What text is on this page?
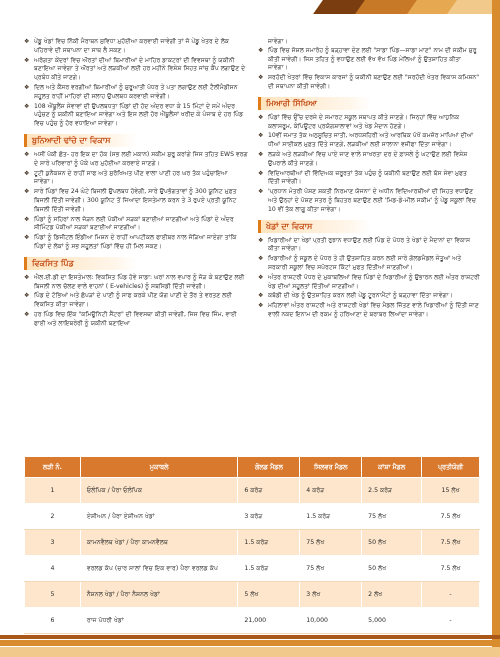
❖ ਪੇਂਡੂ ਖੇਡਾਂ ਵਿਚ ਨਿੱਕੀ ਮੈਰਾਥਨ ਸੁਵਿਧਾ ਮੁਹੱਈਆ ਕਰਵਾਈ ਜਾਵੇਗੀ ਤਾਂ ਜੋ ਪੇਂਡੂ ਖੇਤਰ ਦੇ ਲੋਕ ਪਹਿਰਾਵੇ ਦੀ ਸਥਾਪਨਾ ਦਾ ਸਾਥ ਲੈ ਸਕਣ।
❖ ਅਰੋਗਤਾ ਕੇਂਦਰਾਂ ਵਿਚ ਔਰਤਾਂ ਦੀਆਂ ਬਿਮਾਰੀਆਂ ਦੇ ਮਾਹਿਰ ਡਾਕਟਰਾਂ ਦੀ ਵਿਵਸਥਾ ਨੂੰ ਯਕੀਨੀ ਬਣਾਇਆ ਜਾਵੇਗਾ ਤੇ ਔਰਤਾਂ ਅਤੇ ਲੜਕੀਆਂ ਲਈ ਹਰ ਮਹੀਨੇ ਵਿਸ਼ੇਸ਼ ਸਿਹਤ ਜਾਂਚ ਕੈਂਪ ਲਗਾਉਣ ਦੇ ਪ੍ਰਬੰਧ ਕੀਤੇ ਜਾਣਗੇ।
❖ ਦਿਲ ਅਤੇ ਕੈਂਸਰ ਵਰਗੀਆਂ ਬਿਮਾਰੀਆਂ ਨੂੰ ਸ਼ੁਰੂਆਤੀ ਪੱਧਰ ਤੇ ਪਤਾ ਲਗਾਉਣ ਲਈ ਟੈਲੀਮੈਡੀਸਨ ਸਹੂਲਤ ਰਾਹੀਂ ਮਾਹਿਰਾਂ ਦੀ ਸਲਾਹ ਉਪਲਬਧ ਕਰਵਾਈ ਜਾਵੇਗੀ।
❖ 108 ਐਂਬੂਲੈਂਸ ਸੇਵਾਵਾਂ ਦੀ ਉਪਲਬਧਤਾ ਪਿੰਡਾਂ ਦੀ ਹੱਦ ਅੰਦਰ ਵਧਾ ਕੇ 15 ਮਿੰਟਾਂ ਦੇ ਸਮੇਂ ਅੰਦਰ ਪਹੁੰਚਣ ਨੂੰ ਯਕੀਨੀ ਬਣਾਇਆ ਜਾਵੇਗਾ ਅਤੇ ਇਸ ਲਈ ਹੋਰ ਐਂਬੂਲੈਂਸਾਂ ਖਰੀਦ ਕੇ ਪੰਜਾਬ ਦੇ ਹਰ ਪਿੰਡ ਵਿਚ ਪਹੁੰਚ ਨੂੰ ਹੋਰ ਵਧਾਇਆ ਜਾਵੇਗਾ।
ਬੁਨਿਆਦੀ ਢਾਂਚੇ ਦਾ ਵਿਕਾਸ
❖ ਅਸੀਂ ਪੱਕੀ ਛੱਤ- ਹਰ ਇਕ ਦਾ ਹੱਕ (ਸਭ ਲਈ ਮਕਾਨ) ਸਕੀਮ ਸ਼ੁਰੂ ਕਰਾਂਗੇ ਜਿਸ ਤਹਿਤ EWS ਵਰਗ ਦੇ ਸਾਰੇ ਪਰਿਵਾਰਾਂ ਨੂੰ ਪੱਕੇ ਘਰ ਮੁਹੱਈਆ ਕਰਵਾਏ ਜਾਣਗੇ।
❖ ਟੂਟੀ ਕੁਨੈਕਸ਼ਨ ਦੇ ਰਾਹੀਂ ਸਾਫ ਅਤੇ ਸੁਰੱਖਿਅਤ ਪੀਣ ਵਾਲਾ ਪਾਣੀ ਹਰ ਘਰ ਤੱਕ ਪਹੁੰਚਾਇਆ ਜਾਵੇਗਾ।
❖ ਸਾਰੇ ਪਿੰਡਾਂ ਵਿਚ 24 ਘੰਟੇ ਬਿਜਲੀ ਉਪਲਬਧ ਹੋਵੇਗੀ, ਸਾਰੇ ਉਪਭੋਗਤਾਵਾਂ ਨੂੰ 300 ਯੂਨਿਟ ਮੁਫ਼ਤ ਬਿਜਲੀ ਦਿੱਤੀ ਜਾਵੇਗੀ। 300 ਯੂਨਿਟ ਤੋਂ ਜਿਆਦਾ ਇਸਤੇਮਾਲ ਕਰਨ ਤੇ 3 ਰੁਪਏ ਪ੍ਰਤੀ ਯੂਨਿਟ ਬਿਜਲੀ ਦਿੱਤੀ ਜਾਵੇਗੀ।
❖ ਪਿੰਡਾਂ ਨੂੰ ਸਹਿਰਾਂ ਨਾਲ ਜੋੜਨ ਲਈ ਪੱਕੀਆਂ ਸੜਕਾਂ ਬਣਾਈਆਂ ਜਾਣਗੀਆਂ ਅਤੇ ਪਿੰਡਾਂ ਦੇ ਅੰਦਰ ਸੀਮਿੰਟਡ ਪੱਕੀਆਂ ਸੜਕਾਂ ਬਣਾਈਆਂ ਜਾਣਗੀਆਂ।
❖ ਪਿੰਡਾਂ ਨੂੰ ਡਿਜੀਟਲ ਇੰਡੀਆ ਮਿਸ਼ਨ ਦੇ ਰਾਹੀਂ ਆਪਟੀਕਲ ਫਾਈਬਰ ਨਾਲ ਜੋੜਿਆ ਜਾਏਗਾ ਤਾਂਕਿ ਪਿੰਡਾਂ ਦੇ ਲੋਕਾਂ ਨੂੰ ਸਭ ਸਹੂਲਤਾਂ ਪਿੰਡਾਂ ਵਿੱਚ ਹੀ ਮਿਲ ਸਕਣ।
ਵਿਕਸਿਤ ਪਿੰਡ
❖ ਐਲ.ਈ.ਡੀ ਦਾ ਇਸਤੇਮਾਲ: ਵਿਕਸਿਤ ਪਿੰਡ ਹੋਵੇ ਸਾਡਾ: ਘਰਾਂ ਨਾਲ ਵਪਾਰ ਨੂੰ ਜੋੜ ਕੇ ਬਣਾਉਣ ਲਈ ਬਿਜਲੀ ਨਾਲ ਚੱਲਣ ਵਾਲੇ ਵਾਹਨਾਂ ( E-vehicles) ਨੂੰ ਸਬਸਿਡੀ ਦਿੱਤੀ ਜਾਵੇਗੀ।
❖ ਪਿੰਡ ਦੇ ਟੋਭਿਆਂ ਅਤੇ ਛੱਪੜਾਂ ਦੇ ਪਾਣੀ ਨੂੰ ਸਾਫ ਕਰਕੇ ਪੀਣ ਯੋਗ ਪਾਣੀ ਦੇ ਤੌਰ ਤੇ ਵਰਤਣ ਲਈ ਵਿਕਸਿਤ ਕੀਤਾ ਜਾਵੇਗਾ।
❖ ਹਰ ਪਿੰਡ ਵਿਚ ਇੱਕ "ਕਮਿਊਨਿਟੀ ਸੈਂਟਰ" ਦੀ ਵਿਵਸਥਾ ਕੀਤੀ ਜਾਵੇਗੀ, ਜਿਸ ਵਿਚ ਜਿੰਮ, ਵਾਈ ਫਾਈ ਅਤੇ ਲਾਇਬਰੇਰੀ ਨੂੰ ਯਕੀਨੀ ਬਣਾਇਆ
ਜਾਵੇਗਾ।
❖ ਪਿੰਡ ਵਿਚ ਸੋਸ਼ਲ ਸਮਾਰੋਹ ਨੂੰ ਬੜ੍ਹਾਵਾ ਦੇਣ ਲਈ "ਸਾਡਾ ਪਿੰਡ—ਸਾਡਾ ਮਾਣ" ਨਾਮ ਦੀ ਸਕੀਮ ਸ਼ੁਰੂ ਕੀਤੀ ਜਾਵੇਗੀ। ਜਿਸ ਤਹਿਤ ਨੂੰ ਵਧਾਉਣ ਲਈ ਵੱਖ ਵੱਖ ਪਿੰਡ ਮੇਲਿਆਂ ਨੂੰ ਉਤਸ਼ਾਹਿਤ ਕੀਤਾ ਜਾਵੇਗਾ।
❖ ਸਰਹੱਦੀ ਖੇਤਰਾਂ ਵਿੱਚ ਵਿਕਾਸ ਕਾਰਜਾਂ ਨੂੰ ਯਕੀਨੀ ਬਣਾਉਣ ਲਈ "ਸਰਹੱਦੀ ਖੇਤਰ ਵਿਕਾਸ ਕਮਿਸ਼ਨ" ਦੀ ਸਥਾਪਨਾ ਕੀਤੀ ਜਾਵੇਗੀ।
ਮਿਆਰੀ ਸਿੱਖਿਆ
❖ ਪਿੰਡਾਂ ਵਿੱਚ ਉੱਚ ਦਰਜੇ ਦੇ ਸਮਾਰਟ ਸਕੂਲ ਸਥਾਪਤ ਕੀਤੇ ਜਾਣਗੇ। ਜਿਨ੍ਹਾਂ ਵਿੱਚ ਆਧੁਨਿਕ ਕਲਾਸਰੂਮ, ਕੰਪਿਊਟਰ ਪ੍ਰਯੋਗਸ਼ਾਲਾਵਾਂ ਅਤੇ ਖੇਡ ਮੈਦਾਨ ਹੋਣਗੇ।
❖ 10ਵੀਂ ਜਮਾਤ ਤੱਕ ਅਨੁਸੂਚਿਤ ਜਾਤੀ, ਅਰਧਸ਼ਹਿਰੀ ਅਤੇ ਆਰਥਿਕ ਪੱਖੋਂ ਕਮਜ਼ੋਰ ਮਾਪਿਆਂ ਦੀਆਂ ਧੀਆਂ ਸਾਈਕਲ ਮੁਫ਼ਤ ਦਿੱਤੇ ਜਾਣਗੇ, ਲੜਕੀਆਂ ਲਈ ਸਾਲਾਨਾ ਵਜ਼ੀਫਾ ਦਿੱਤਾ ਜਾਵੇਗਾ।
❖ ਲੜਕੇ ਅਤੇ ਲੜਕੀਆਂ ਵਿਚ ਪਾਏ ਜਾਣ ਵਾਲੇ ਸਾਖਰਤਾ ਦਰ ਦੇ ਫ਼ਾਸਲੇ ਨੂੰ ਘਟਾਉਣ ਲਈ ਵਿਸ਼ੇਸ਼ ਉਪਰਾਲੇ ਕੀਤੇ ਜਾਣਗੇ।
❖ ਵਿਦਿਆਰਥੀਆਂ ਦੀ ਵਿੱਦਿਅਕ ਜ਼ਰੂਰਤਾਂ ਤੱਕ ਪਹੁੰਚ ਨੂੰ ਯਕੀਨੀ ਬਣਾਉਣ ਲਈ ਬੱਸ ਸੇਵਾ ਮੁਫਤ ਦਿੱਤੀ ਜਾਵੇਗੀ।
❖ 'ਪ੍ਰਧਾਨ ਮੰਤਰੀ ਪੋਸ਼ਣ ਸ਼ਕਤੀ ਨਿਰਮਾਣ ਯੋਜਨਾ' ਦੇ ਅਧੀਨ ਵਿਦਿਆਰਥੀਆਂ ਦੀ ਸਿਹਤ ਵਧਾਉਣ ਅਤੇ ਉਨ੍ਹਾਂ ਦੇ ਪੋਸ਼ਣ ਸਤਰ ਨੂੰ ਬਿਹਤਰ ਬਣਾਉਣ ਲਈ 'ਮਿਡ-ਡੇ-ਮੀਲ ਸਕੀਮ' ਨੂੰ ਪੇਂਡੂ ਸਕੂਲਾਂ ਵਿਚ 10 ਵੀਂ ਤੱਕ ਲਾਗੂ ਕੀਤਾ ਜਾਵੇਗਾ।
ਖੇਡਾਂ ਦਾ ਵਿਕਾਸ
❖ ਖਿਡਾਰੀਆਂ ਦਾ ਖੇਡਾਂ ਪ੍ਰਤੀ ਰੁਝਾਨ ਵਧਾਉਣ ਲਈ ਪਿੰਡ ਦੇ ਪੱਧਰ ਤੇ ਖੇਡਾਂ ਦੇ ਮੈਦਾਨਾਂ ਦਾ ਵਿਕਾਸ ਕੀਤਾ ਜਾਵੇਗਾ।
❖ ਖਿਡਾਰੀਆਂ ਨੂੰ ਸਕੂਲ ਦੇ ਪੱਧਰ ਤੇ ਹੀ ਉਤਸ਼ਾਹਿਤ ਕਰਨ ਲਈ ਸਾਰੇ ਗੋਲਡਮੈਡਲ ਜੇਤੂਆਂ ਅਤੇ ਸਰਕਾਰੀ ਸਕੂਲਾਂ ਵਿਚ ਸਪੋਰਟਸ ਕਿੱਟਾਂ ਮੁਫਤ ਦਿੱਤੀਆਂ ਜਾਣਗੀਆਂ।
❖ ਅੰਤਰ ਰਾਸ਼ਟਰੀ ਪੱਧਰ ਦੇ ਮੁਕਾਬਲਿਆਂ ਵਿਚ ਪਿੰਡਾਂ ਦੇ ਖਿਡਾਰੀਆਂ ਨੂੰ ਉਭਾਰਨ ਲਈ ਅੰਤਰ ਰਾਸ਼ਟਰੀ ਖੇਡ ਦੀਆਂ ਸਹੂਲਤਾਂ ਦਿੱਤੀਆਂ ਜਾਣਗੀਆਂ।
❖ ਕਬੱਡੀ ਦੀ ਖੇਡ ਨੂੰ ਉਤਸ਼ਾਹਿਤ ਕਰਨ ਲਈ ਪੇਂਡੂ ਟੂਰਨਾਮੈਂਟਾਂ ਨੂੰ ਬੜ੍ਹਾਵਾ ਦਿੱਤਾ ਜਾਵੇਗਾ।
❖ ਮਹਿਲਾਵਾਂ ਅੰਤਰ ਰਾਸ਼ਟਰੀ ਅਤੇ ਰਾਸ਼ਟਰੀ ਖੇਡਾਂ ਵਿਚ ਮੈਡਲ ਜਿੱਤਣ ਵਾਲੇ ਖਿਡਾਰੀਆਂ ਨੂੰ ਦਿੱਤੀ ਜਾਣ ਵਾਲੀ ਨਕਦ ਇਨਾਮ ਦੀ ਰਕਮ ਨੂੰ ਹਰਿਆਣਾ ਦੇ ਬਰਾਬਰ ਲਿਆਂਦਾ ਜਾਵੇਗਾ।
ਲੜੀ ਨੰ.	ਮੁਕਾਬਲੇ	ਗੋਲਡ ਮੈਡਲ	ਸਿਲਵਰ ਮੈਡਲ	ਕਾਂਸ਼ਾ ਮੈਡਲ	ਪ੍ਰਤੀਯੋਗੀ
1	ਓਲੰਪਿਕ / ਪੈਰਾ ਓਲੰਪਿਕ	6 ਕਰੋੜ	4 ਕਰੋੜ	2.5 ਕਰੋੜ	15 ਲੱਖ
2	ਏਸ਼ੀਅਨ / ਪੈਰਾ ਏਸ਼ੀਅਨ ਖੇਡਾਂ	3 ਕਰੋੜ	1.5 ਕਰੋੜ	75 ਲੱਖ	7.5 ਲੱਖ
3	ਕਾਮਨਵੈਲਥ ਖੇਡਾਂ / ਪੈਰਾ ਕਾਮਨਵੈਲਥ	1.5 ਕਰੋੜ	75 ਲੱਖ	50 ਲੱਖ	7.5 ਲੱਖ
4	ਵਰਲਡ ਕੱਪ (ਚਾਰ ਸਾਲਾਂ ਵਿਚ ਇਕ ਵਾਰ) ਪੈਰਾ ਵਰਲਡ ਕੱਪ	1.5 ਕਰੋੜ	75 ਲੱਖ	50 ਲੱਖ	7.5 ਲੱਖ
5	ਨੈਸ਼ਨਲ ਖੇਡਾਂ / ਪੈਰਾ ਨੈਸ਼ਨਲ ਖੇਡਾਂ	5 ਲੱਖ	3 ਲੱਖ	2 ਲੱਖ	-
6	ਰਾਜ ਪੱਧਰੀ ਖੇਡਾਂ	21,000	10,000	5,000	-
